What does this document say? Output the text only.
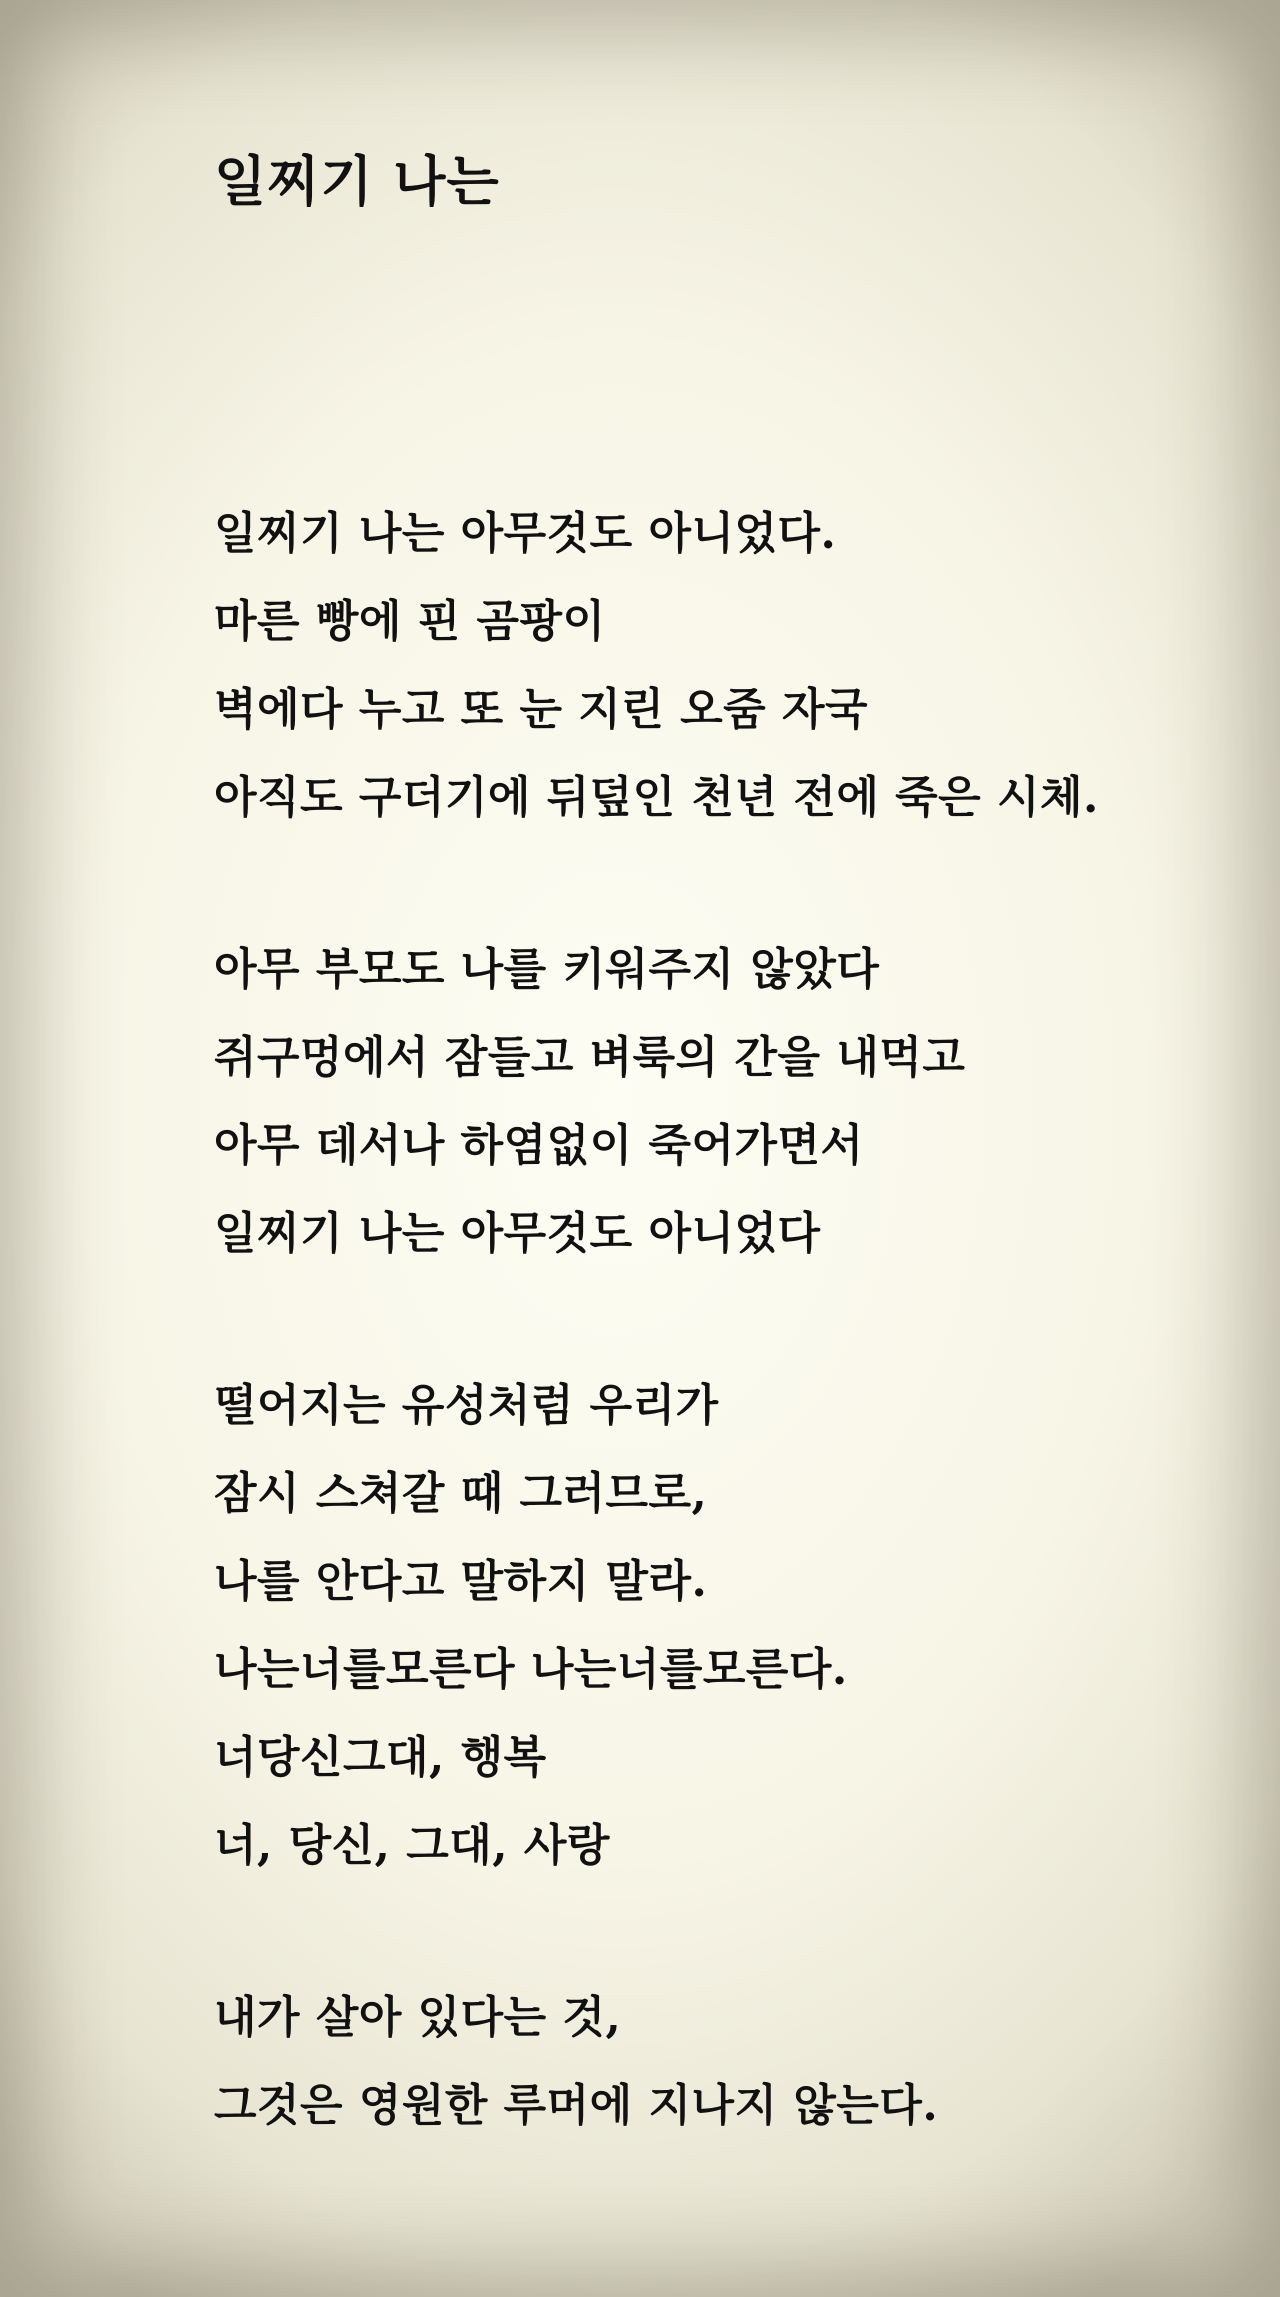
일찌기 나는
일찌기 나는 아무것도 아니었다.
마른 빵에 핀 곰팡이
벽에다 누고 또 눈 지린 오줌 자국
아직도 구더기에 뒤덮인 천년 전에 죽은 시체.
아무 부모도 나를 키워주지 않았다
쥐구멍에서 잠들고 벼룩의 간을 내먹고
아무 데서나 하염없이 죽어가면서
일찌기 나는 아무것도 아니었다
떨어지는 유성처럼 우리가
잠시 스쳐갈 때 그러므로,
나를 안다고 말하지 말라.
나는너를모른다 나는너를모른다.
너당신그대, 행복
너, 당신, 그대, 사랑
내가 살아 있다는 것,
그것은 영원한 루머에 지나지 않는다.
